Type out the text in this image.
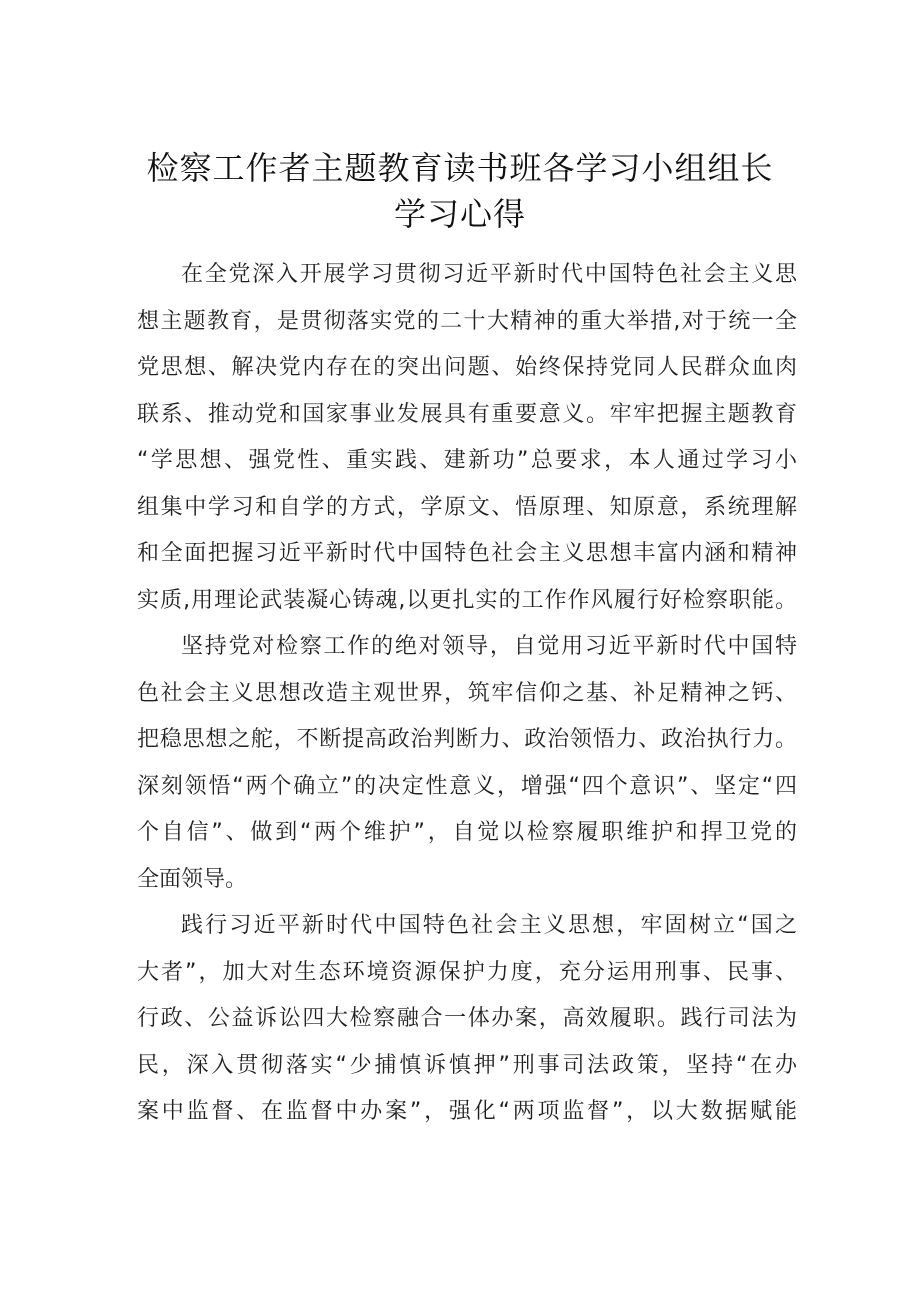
检察工作者主题教育读书班各学习小组组长
学习心得

在全党深入开展学习贯彻习近平新时代中国特色社会主义思
想主题教育，是贯彻落实党的二十大精神的重大举措,对于统一全
党思想、解决党内存在的突出问题、始终保持党同人民群众血肉
联系、推动党和国家事业发展具有重要意义。牢牢把握主题教育
“学思想、强党性、重实践、建新功”总要求，本人通过学习小
组集中学习和自学的方式，学原文、悟原理、知原意，系统理解
和全面把握习近平新时代中国特色社会主义思想丰富内涵和精神
实质,用理论武装凝心铸魂,以更扎实的工作作风履行好检察职能。

坚持党对检察工作的绝对领导，自觉用习近平新时代中国特
色社会主义思想改造主观世界，筑牢信仰之基、补足精神之钙、
把稳思想之舵，不断提高政治判断力、政治领悟力、政治执行力。
深刻领悟“两个确立”的决定性意义，增强“四个意识”、坚定“四
个自信”、做到“两个维护”，自觉以检察履职维护和捍卫党的
全面领导。

践行习近平新时代中国特色社会主义思想，牢固树立“国之
大者”，加大对生态环境资源保护力度，充分运用刑事、民事、
行政、公益诉讼四大检察融合一体办案，高效履职。践行司法为
民，深入贯彻落实“少捕慎诉慎押”刑事司法政策，坚持“在办
案中监督、在监督中办案”，强化“两项监督”，以大数据赋能
